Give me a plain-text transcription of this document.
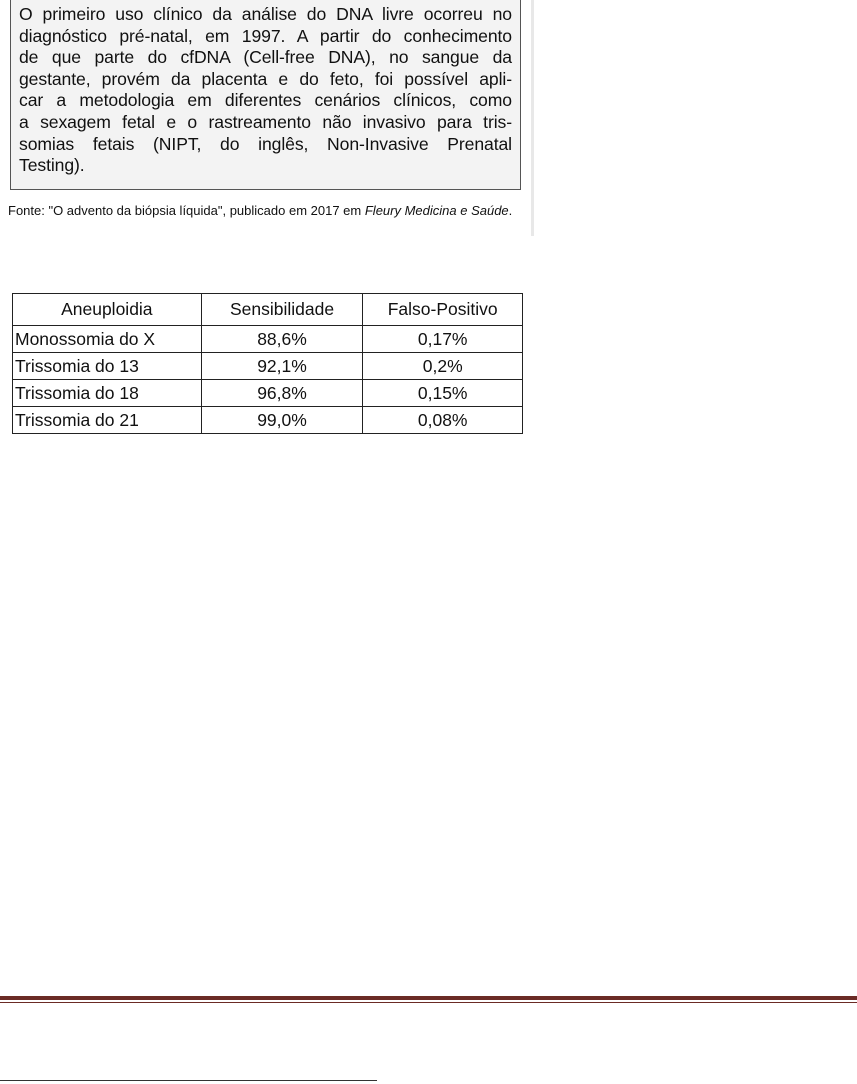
O primeiro uso clínico da análise do DNA livre ocorreu no
diagnóstico pré-natal, em 1997. A partir do conhecimento
de que parte do cfDNA (Cell-free DNA), no sangue da
gestante, provém da placenta e do feto, foi possível apli-
car a metodologia em diferentes cenários clínicos, como
a sexagem fetal e o rastreamento não invasivo para tris-
somias fetais (NIPT, do inglês, Non-Invasive Prenatal
Testing).

Fonte: "O advento da biópsia líquida", publicado em 2017 em Fleury Medicina e Saúde.
Aneuploidia	Sensibilidade	Falso-Positivo
Monossomia do X	88,6%	0,17%
Trissomia do 13	92,1%	0,2%
Trissomia do 18	96,8%	0,15%
Trissomia do 21	99,0%	0,08%
